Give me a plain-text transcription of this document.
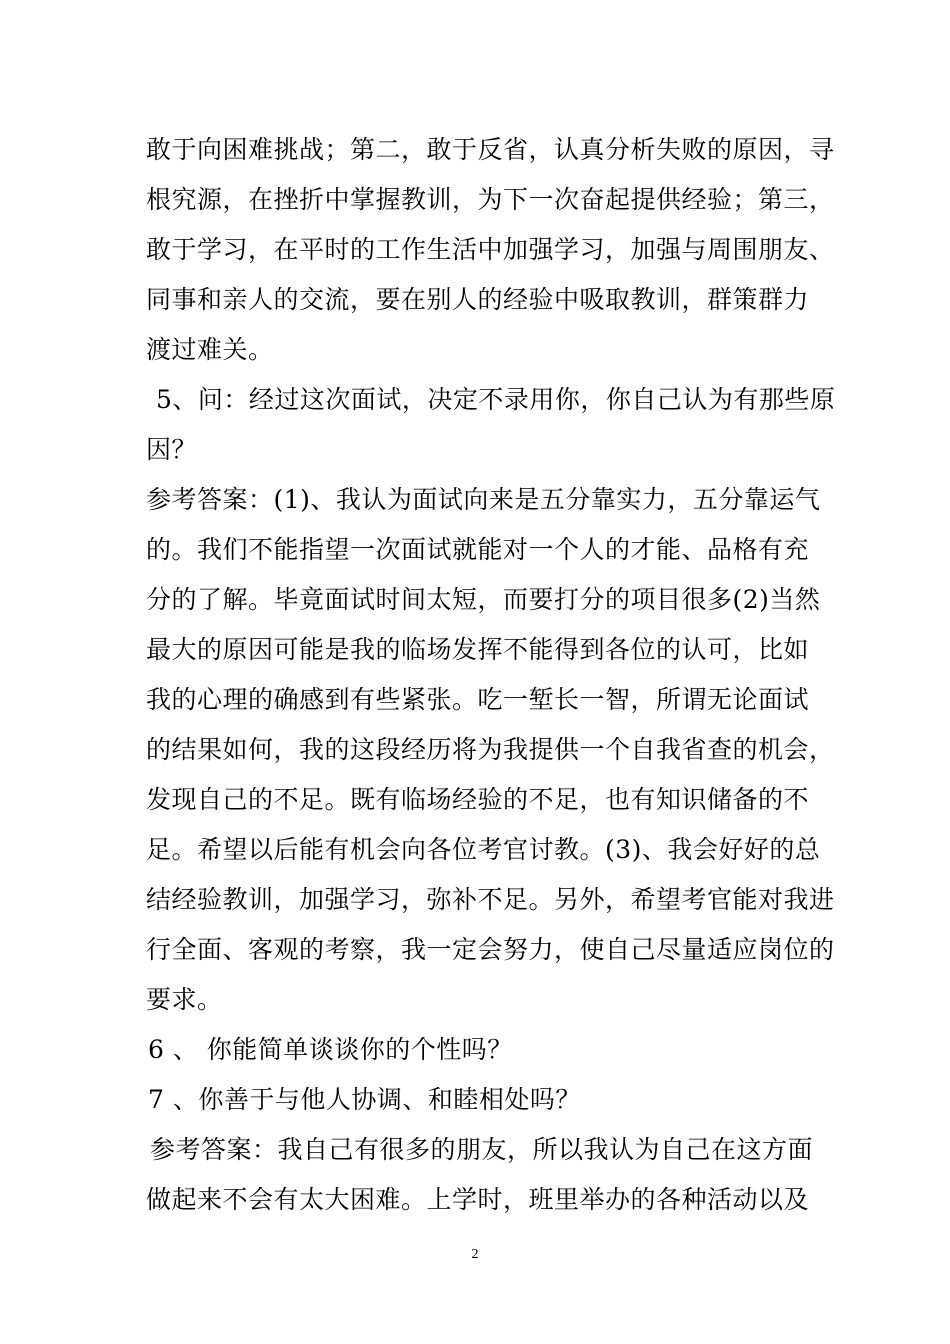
敢于向困难挑战；第二，敢于反省，认真分析失败的原因，寻
根究源，在挫折中掌握教训，为下一次奋起提供经验；第三，
敢于学习，在平时的工作生活中加强学习，加强与周围朋友、
同事和亲人的交流，要在别人的经验中吸取教训，群策群力
渡过难关。
5、问：经过这次面试，决定不录用你，你自己认为有那些原
因？
参考答案：(1)、我认为面试向来是五分靠实力，五分靠运气
的。我们不能指望一次面试就能对一个人的才能、品格有充
分的了解。毕竟面试时间太短，而要打分的项目很多(2)当然
最大的原因可能是我的临场发挥不能得到各位的认可，比如
我的心理的确感到有些紧张。吃一堑长一智，所谓无论面试
的结果如何，我的这段经历将为我提供一个自我省查的机会，
发现自己的不足。既有临场经验的不足，也有知识储备的不
足。希望以后能有机会向各位考官讨教。(3)、我会好好的总
结经验教训，加强学习，弥补不足。另外，希望考官能对我进
行全面、客观的考察，我一定会努力，使自己尽量适应岗位的
要求。
6 、 你能简单谈谈你的个性吗？
7 、你善于与他人协调、和睦相处吗？
参考答案：我自己有很多的朋友，所以我认为自己在这方面
做起来不会有太大困难。上学时，班里举办的各种活动以及
2
